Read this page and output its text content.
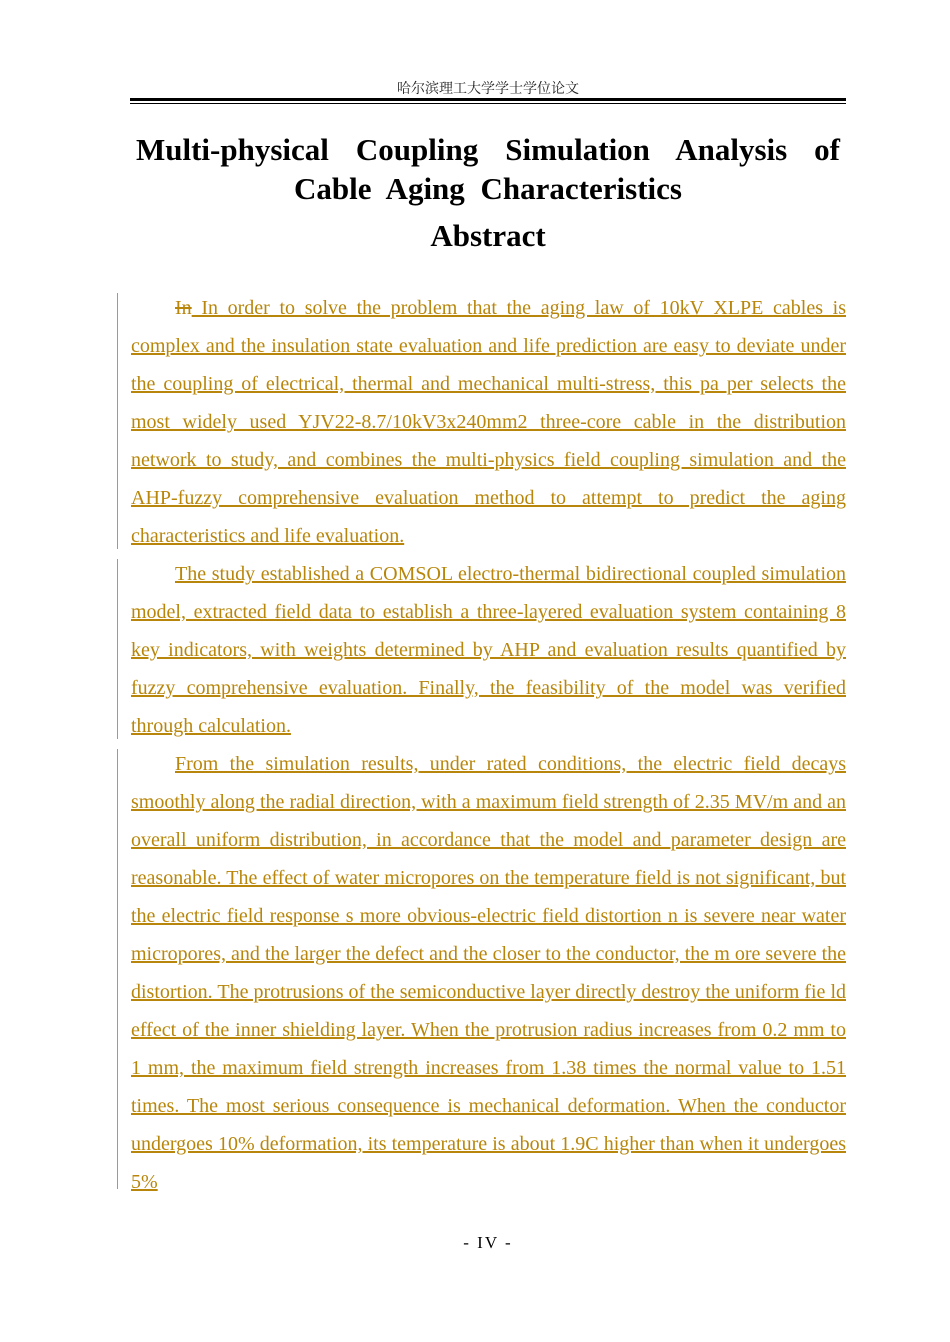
哈尔滨理工大学学士学位论文
Multi-physical Coupling Simulation Analysis of
Cable Aging Characteristics
Abstract

In In order to solve the problem that the aging law of 10kV XLPE cables is complex and the insulation state evaluation and life prediction are easy to deviate under the coupling of electrical, thermal and mechanical multi-stress, this pa per selects the most widely used YJV22-8.7/10kV3x240mm2 three-core cable in the distribution network to study, and combines the multi-physics field coupling simulation and the AHP-fuzzy comprehensive evaluation method to attempt to predict the aging characteristics and life evaluation.

The study established a COMSOL electro-thermal bidirectional coupled simulation model, extracted field data to establish a three-layered evaluation system containing 8 key indicators, with weights determined by AHP and evaluation results quantified by fuzzy comprehensive evaluation. Finally, the feasibility of the model was verified through calculation.

From the simulation results, under rated conditions, the electric field decays smoothly along the radial direction, with a maximum field strength of 2.35 MV/m and an overall uniform distribution, in accordance that the model and parameter design are reasonable. The effect of water micropores on the temperature field is not significant, but the electric field response s more obvious-electric field distortion n is severe near water micropores, and the larger the defect and the closer to the conductor, the m ore severe the distortion. The protrusions of the semiconductive layer directly destroy the uniform fie ld effect of the inner shielding layer. When the protrusion radius increases from 0.2 mm to 1 mm, the maximum field strength increases from 1.38 times the normal value to 1.51 times. The most serious consequence is mechanical deformation. When the conductor undergoes 10% deformation, its temperature is about 1.9C higher than when it undergoes 5%

- IV -
